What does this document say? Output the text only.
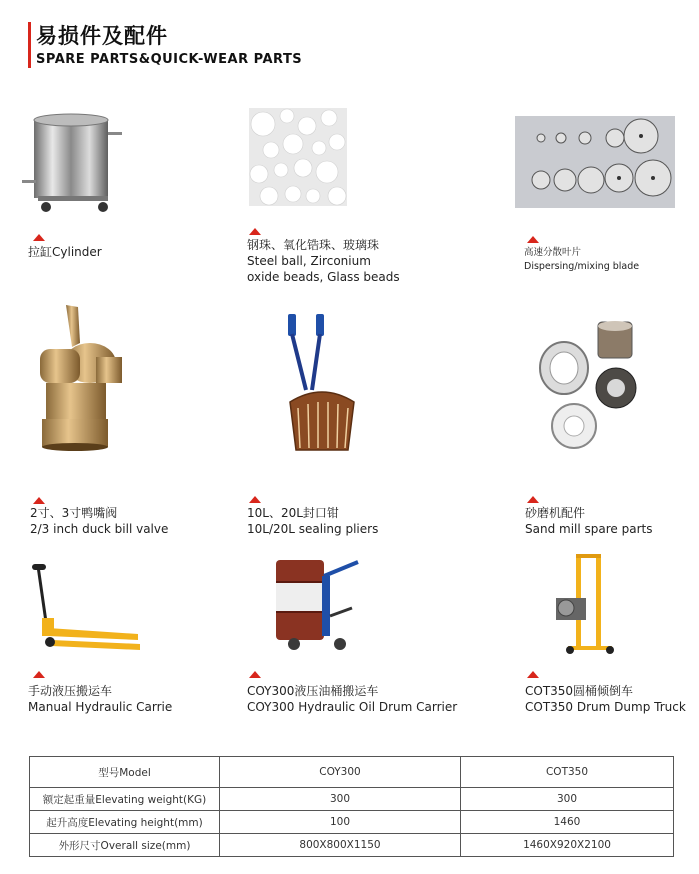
易损件及配件
SPARE PARTS&QUICK-WEAR PARTS
拉缸Cylinder	钢珠、氧化锆珠、玻璃珠
Steel ball, Zirconium
oxide beads, Glass beads
高速分散叶片
Dispersing/mixing blade
2寸、3寸鸭嘴阀
2/3 inch duck bill valve
10L、20L封口钳
10L/20L sealing pliers
砂磨机配件
Sand mill spare parts
手动液压搬运车
Manual Hydraulic Carrie
COY300液压油桶搬运车
COY300 Hydraulic Oil Drum Carrier
COT350圆桶倾倒车
COT350 Drum Dump Truck
型号Model	COY300	COT350
额定起重量Elevating weight(KG)	300	300
起升高度Elevating height(mm)	100	1460
外形尺寸Overall size(mm)	800X800X1150	1460X920X2100
